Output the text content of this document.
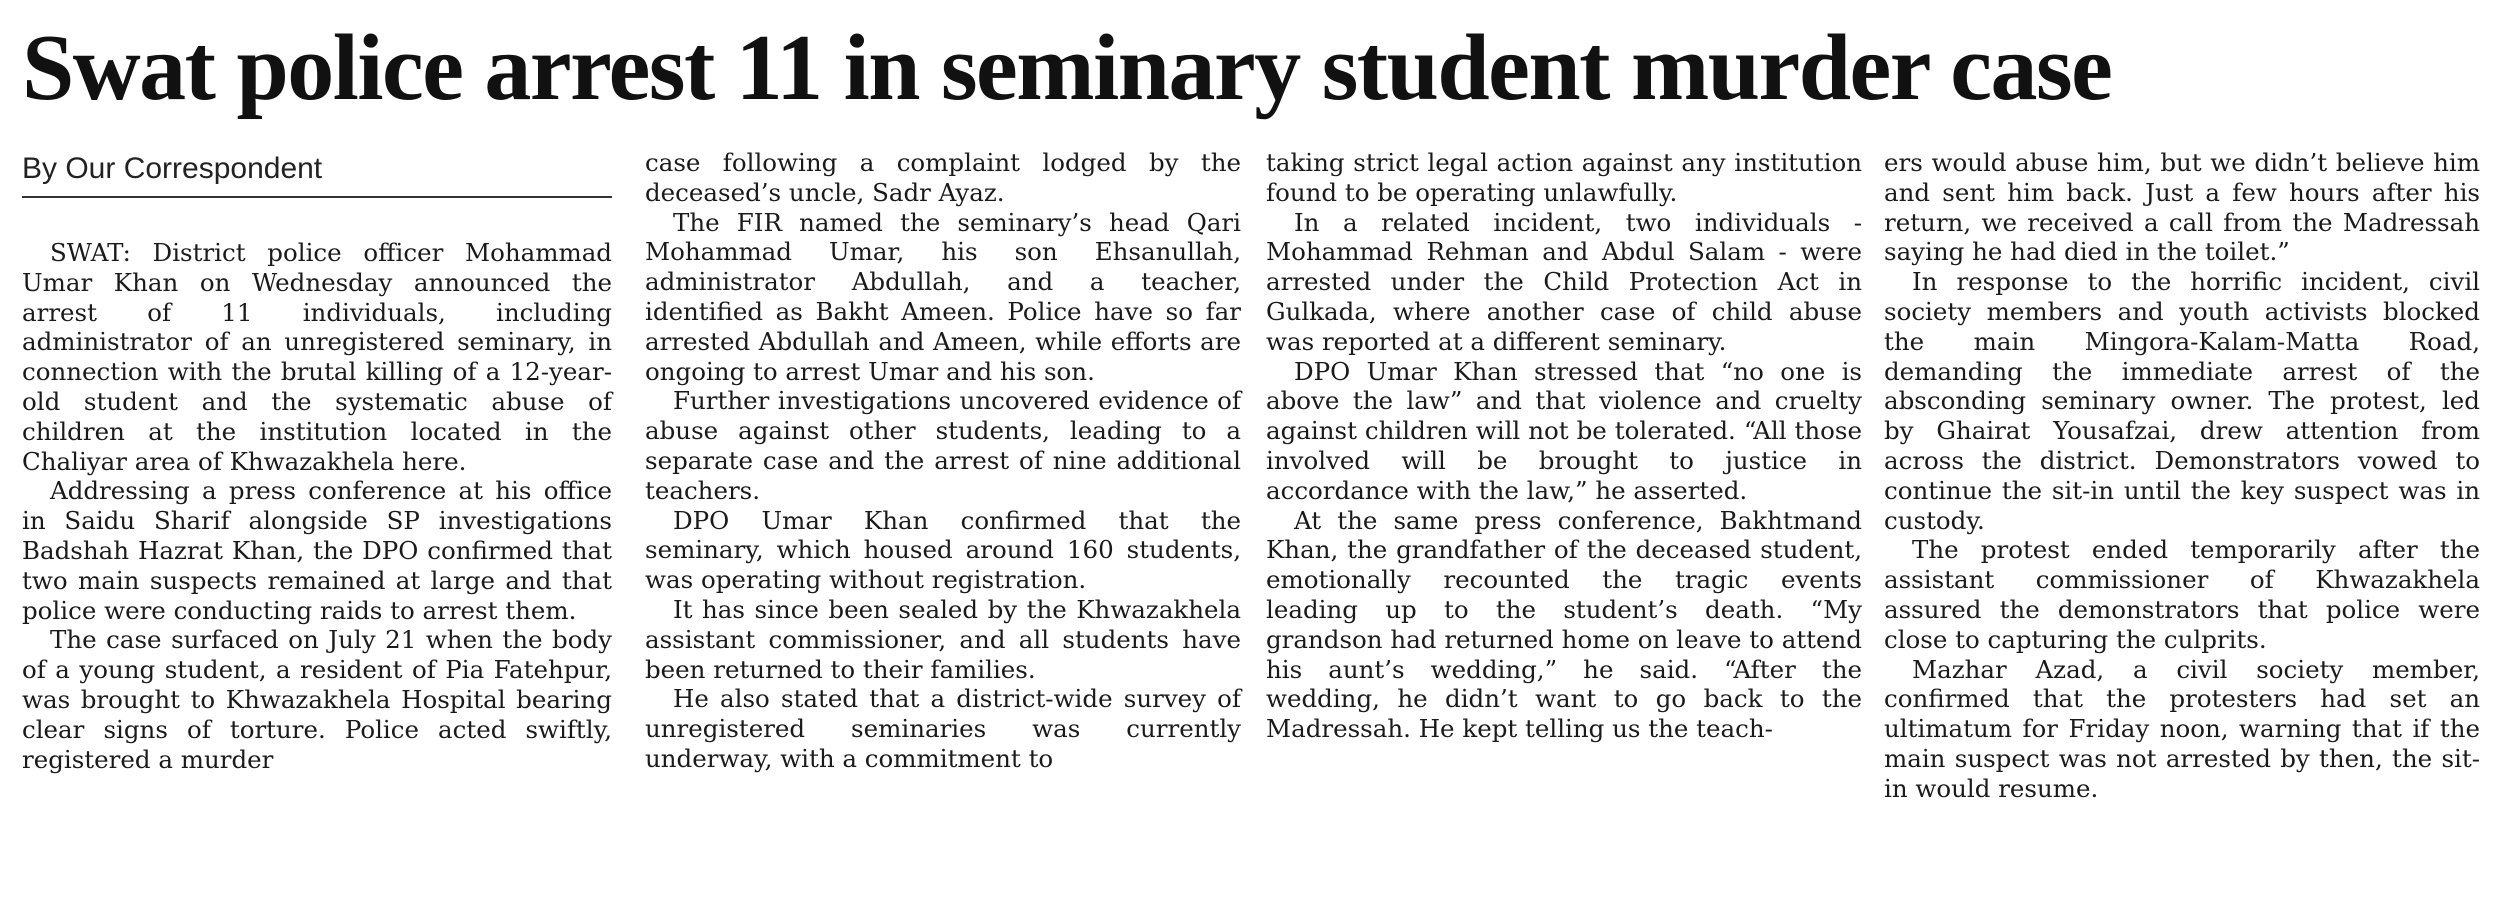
Swat police arrest 11 in seminary student murder case
By Our Correspondent

SWAT: District police officer Mohammad Umar Khan on Wednesday announced the arrest of 11 individuals, including administrator of an unregistered seminary, in connection with the brutal killing of a 12-year-old student and the systematic abuse of children at the institution located in the Chaliyar area of Khwazakhela here.

Addressing a press conference at his office in Saidu Sharif alongside SP investigations Badshah Hazrat Khan, the DPO confirmed that two main suspects remained at large and that police were conducting raids to arrest them.

The case surfaced on July 21 when the body of a young student, a resident of Pia Fatehpur, was brought to Khwazakhela Hospital bearing clear signs of torture. Police acted swiftly, registered a murder

case following a complaint lodged by the deceased’s uncle, Sadr Ayaz.

The FIR named the seminary’s head Qari Mohammad Umar, his son Ehsanullah, administrator Abdullah, and a teacher, identified as Bakht Ameen. Police have so far arrested Abdullah and Ameen, while efforts are ongoing to arrest Umar and his son.

Further investigations uncovered evidence of abuse against other students, leading to a separate case and the arrest of nine additional teachers.

DPO Umar Khan confirmed that the seminary, which housed around 160 students, was operating without registration.

It has since been sealed by the Khwazakhela assistant commissioner, and all students have been returned to their families.

He also stated that a district-wide survey of unregistered seminaries was currently underway, with a commitment to

taking strict legal action against any institution found to be operating unlawfully.

In a related incident, two individuals - Mohammad Rehman and Abdul Salam - were arrested under the Child Protection Act in Gulkada, where another case of child abuse was reported at a different seminary.

DPO Umar Khan stressed that “no one is above the law” and that violence and cruelty against children will not be tolerated. “All those involved will be brought to justice in accordance with the law,” he asserted.

At the same press conference, Bakhtmand Khan, the grandfather of the deceased student, emotionally recounted the tragic events leading up to the student’s death. “My grandson had returned home on leave to attend his aunt’s wedding,” he said. “After the wedding, he didn’t want to go back to the Madressah. He kept telling us the teach-

ers would abuse him, but we didn’t believe him and sent him back. Just a few hours after his return, we received a call from the Madressah saying he had died in the toilet.”

In response to the horrific incident, civil society members and youth activists blocked the main Mingora-Kalam-Matta Road, demanding the immediate arrest of the absconding seminary owner. The protest, led by Ghairat Yousafzai, drew attention from across the district. Demonstrators vowed to continue the sit-in until the key suspect was in custody.

The protest ended temporarily after the assistant commissioner of Khwazakhela assured the demonstrators that police were close to capturing the culprits.

Mazhar Azad, a civil society member, confirmed that the protesters had set an ultimatum for Friday noon, warning that if the main suspect was not arrested by then, the sit-in would resume.
